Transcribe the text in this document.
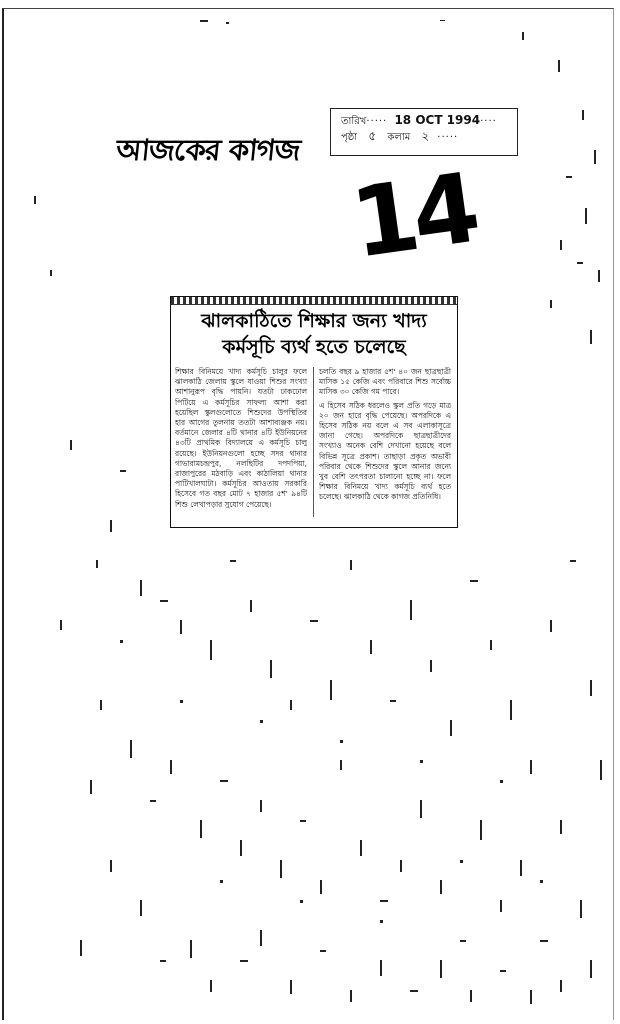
আজকের কাগজ
তারিখ····· 18 OCT 1994····
পৃষ্ঠা ৫ কলাম ২ ·····
14
ঝালকাঠিতে শিক্ষার জন্য খাদ্য
কর্মসূচি ব্যর্থ হতে চলেছে

শিক্ষার বিনিময়ে খাদ্য কর্মসূচি চালুর ফলে ঝালকাঠি জেলায় স্কুলে যাওয়া শিশুর সংখ্যা আশানুরূপ বৃদ্ধি পায়নি। যতটা ঢাকঢোল পিটিয়ে এ কর্মসূচির সাফল্য আশা করা হয়েছিল স্কুলগুলোতে শিশুদের উপস্থিতির হার আগের তুলনায় ততটা আশাব্যঞ্জক নয়। বর্তমানে জেলার ৪টি থানার ৪টি ইউনিয়নের ৪৩টি প্রাথমিক বিদ্যালয়ে এ কর্মসূচি চালু রয়েছে। ইউনিয়নগুলো হচ্ছে সদর থানার গাভারামচন্দ্রপুর, নলছিটির দপদপিয়া, রাজাপুরের মঠবাড়ি এবং কাঠালিয়া থানার পাটিখালঘাটা। কর্মসূচির আওতায় সরকারি হিসেবে গত বছর মোট ৭ হাজার ৫শ' ৯৪টি শিশু লেখাপড়ার সুযোগ পেয়েছে।

চলতি বছর ৯ হাজার ৫শ' ৪০ জন ছাত্রছাত্রী মাসিক ১৫ কেজি এবং পরিবারে শিশু সর্বোচ্চ মাসিক ৩০ কেজি গম পাবে।

এ হিসেব সঠিক ধরলেও স্কুল প্রতি গড়ে মাত্র ২০ জন হারে বৃদ্ধি পেয়েছে। অপরদিকে এ হিসেব সঠিক নয় বলে এ সব এলাকাসূত্রে জানা গেছে। অপরদিকে ছাত্রছাত্রীদের সংখ্যাও অনেক বেশি দেখানো হয়েছে বলে বিভিন্ন সূত্রে প্রকাশ। তাছাড়া প্রকৃত অভাবী পরিবার থেকে শিশুদের স্কুলে আনার জন্যে খুব বেশি তৎপরতা চালানো হচ্ছে না। ফলে শিক্ষার বিনিময়ে খাদ্য কর্মসূচি ব্যর্থ হতে চলেছে। ঝালকাঠি থেকে কাগজ প্রতিনিধি।
